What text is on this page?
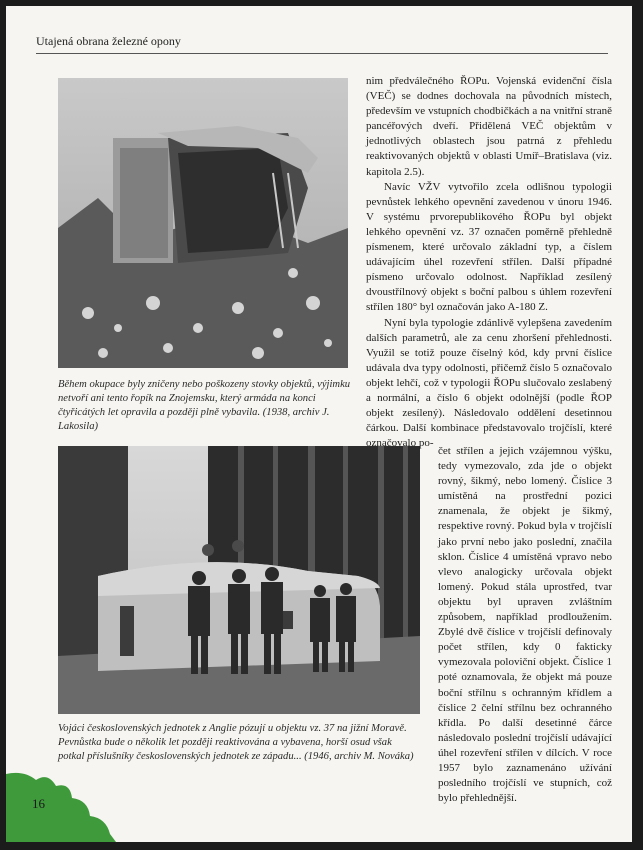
Utajená obrana železné opony
Během okupace byly zničeny nebo poškozeny stovky objektů, výjimku netvoří ani tento řopík na Znojemsku, který armáda na konci čtyřicátých let opravila a později plně vybavila. (1938, archiv J. Lakosila)
Vojáci československých jednotek z Anglie pózují u objektu vz. 37 na jižní Moravě. Pevnůstka bude o několik let později reaktivována a vybavena, horší osud však potkal příslušníky československých jednotek ze západu... (1946, archiv M. Nováka)

nim předválečného ŘOPu. Vojenská evidenční čísla (VEČ) se dodnes dochovala na původních místech, především ve vstupních chodbičkách a na vnitřní straně pancéřových dveří. Přidělená VEČ objektům v jednotlivých oblastech jsou patrná z přehledu reaktivovaných objektů v oblasti Umíř–Bratislava (viz. kapitola 2.5).

Navíc VŽV vytvořilo zcela odlišnou typologii pevnůstek lehkého opevnění zavedenou v únoru 1946. V systému prvorepublikového ŘOPu byl objekt lehkého opevnění vz. 37 označen poměrně přehledně písmenem, které určovalo základní typ, a číslem udávajícím úhel rozevření střílen. Další případné písmeno určovalo odolnost. Například zesílený dvoustřílnový objekt s boční palbou s úhlem rozevření střílen 180° byl označován jako A-180 Z.

Nyní byla typologie zdánlivě vylepšena zavedením dalších parametrů, ale za cenu zhoršení přehlednosti. Využil se totiž pouze číselný kód, kdy první číslice udávala dva typy odolnosti, přičemž číslo 5 označovalo objekt lehčí, což v typologii ŘOPu slučovalo zeslabený a normální, a číslo 6 objekt odolnější (podle ŘOP objekt zesílený). Následovalo oddělení desetinnou čárkou. Další kombinace představovalo trojčíslí, které označovalo po-

čet střílen a jejich vzájemnou výšku, tedy vymezovalo, zda jde o objekt rovný, šikmý, nebo lomený. Číslice 3 umístěná na prostřední pozici znamenala, že objekt je šikmý, respektive rovný. Pokud byla v trojčíslí jako první nebo jako poslední, značila sklon. Číslice 4 umístěná vpravo nebo vlevo analogicky určovala objekt lomený. Pokud stála uprostřed, tvar objektu byl upraven zvláštním způsobem, například prodloužením. Zbylé dvě číslice v trojčíslí definovaly počet střílen, kdy 0 fakticky vymezovala poloviční objekt. Číslice 1 poté oznamovala, že objekt má pouze boční střílnu s ochranným křídlem a číslice 2 čelní střílnu bez ochranného křídla. Po další desetinné čárce následovalo poslední trojčíslí udávající úhel rozevření střílen v dílcích. V roce 1957 bylo zaznamenáno užívání posledního trojčíslí ve stupních, což bylo přehlednější.

16
